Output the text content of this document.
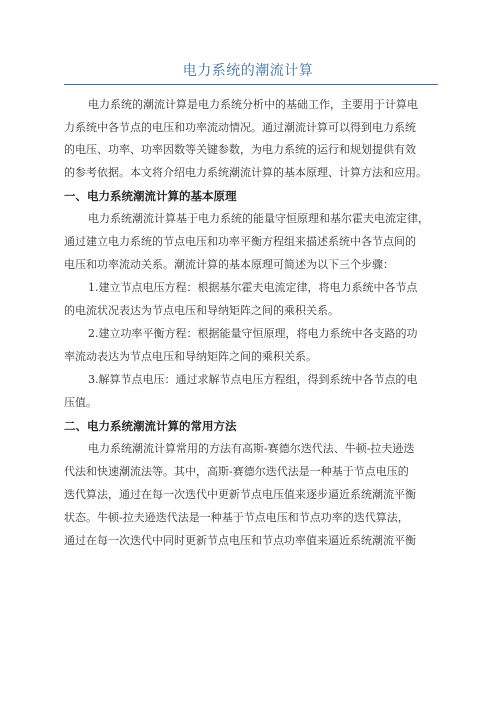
电力系统的潮流计算
电力系统的潮流计算是电力系统分析中的基础工作，主要用于计算电
力系统中各节点的电压和功率流动情况。通过潮流计算可以得到电力系统
的电压、功率、功率因数等关键参数，为电力系统的运行和规划提供有效
的参考依据。本文将介绍电力系统潮流计算的基本原理、计算方法和应用。
一、电力系统潮流计算的基本原理
电力系统潮流计算基于电力系统的能量守恒原理和基尔霍夫电流定律，
通过建立电力系统的节点电压和功率平衡方程组来描述系统中各节点间的
电压和功率流动关系。潮流计算的基本原理可简述为以下三个步骤：
1.建立节点电压方程：根据基尔霍夫电流定律，将电力系统中各节点
的电流状况表达为节点电压和导纳矩阵之间的乘积关系。
2.建立功率平衡方程：根据能量守恒原理，将电力系统中各支路的功
率流动表达为节点电压和导纳矩阵之间的乘积关系。
3.解算节点电压：通过求解节点电压方程组，得到系统中各节点的电
压值。
二、电力系统潮流计算的常用方法
电力系统潮流计算常用的方法有高斯-赛德尔迭代法、牛顿-拉夫逊迭
代法和快速潮流法等。其中，高斯-赛德尔迭代法是一种基于节点电压的
迭代算法，通过在每一次迭代中更新节点电压值来逐步逼近系统潮流平衡
状态。牛顿-拉夫逊迭代法是一种基于节点电压和节点功率的迭代算法，
通过在每一次迭代中同时更新节点电压和节点功率值来逼近系统潮流平衡
